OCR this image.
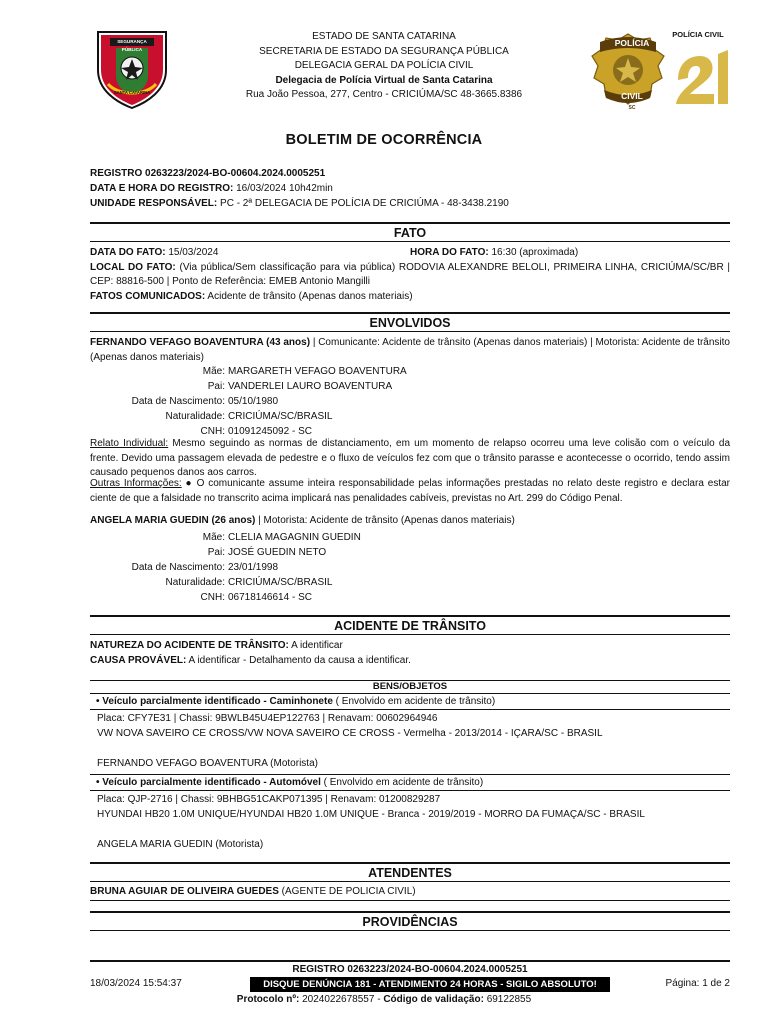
SEGURANÇA PÚBLICA
SANTA CATARINA
ESTADO DE SANTA CATARINA
SECRETARIA DE ESTADO DA SEGURANÇA PÚBLICA
DELEGACIA GERAL DA POLÍCIA CIVIL
Delegacia de Polícia Virtual de Santa Catarina
Rua João Pessoa, 277, Centro - CRICIÚMA/SC 48-3665.8386
POLÍCIA
CIVIL
SC
POLÍCIA CIVIL
BOLETIM DE OCORRÊNCIA
REGISTRO 0263223/2024-BO-00604.2024.0005251
DATA E HORA DO REGISTRO: 16/03/2024 10h42min
UNIDADE RESPONSÁVEL: PC - 2ª DELEGACIA DE POLÍCIA DE CRICIÚMA - 48-3438.2190
FATO
DATA DO FATO: 15/03/2024	HORA DO FATO: 16:30 (aproximada)
LOCAL DO FATO: (Via pública/Sem classificação para via pública) RODOVIA ALEXANDRE BELOLI, PRIMEIRA LINHA, CRICIÚMA/SC/BR | CEP: 88816-500 | Ponto de Referência: EMEB Antonio Mangilli
FATOS COMUNICADOS: Acidente de trânsito (Apenas danos materiais)
ENVOLVIDOS
FERNANDO VEFAGO BOAVENTURA (43 anos) | Comunicante: Acidente de trânsito (Apenas danos materiais) | Motorista: Acidente de trânsito (Apenas danos materiais)
Mãe: MARGARETH VEFAGO BOAVENTURA
Pai: VANDERLEI LAURO BOAVENTURA
Data de Nascimento: 05/10/1980
Naturalidade: CRICIÚMA/SC/BRASIL
CNH: 01091245092 - SC
Relato Individual: Mesmo seguindo as normas de distanciamento, em um momento de relapso ocorreu uma leve colisão com o veículo da frente. Devido uma passagem elevada de pedestre e o fluxo de veículos fez com que o trânsito parasse e acontecesse o ocorrido, tendo assim causado pequenos danos aos carros.
Outras Informações: ● O comunicante assume inteira responsabilidade pelas informações prestadas no relato deste registro e declara estar ciente de que a falsidade no transcrito acima implicará nas penalidades cabíveis, previstas no Art. 299 do Código Penal.
ANGELA MARIA GUEDIN (26 anos) | Motorista: Acidente de trânsito (Apenas danos materiais)
Mãe: CLELIA MAGAGNIN GUEDIN
Pai: JOSÉ GUEDIN NETO
Data de Nascimento: 23/01/1998
Naturalidade: CRICIÚMA/SC/BRASIL
CNH: 06718146614 - SC
ACIDENTE DE TRÂNSITO
NATUREZA DO ACIDENTE DE TRÂNSITO: A identificar
CAUSA PROVÁVEL: A identificar - Detalhamento da causa a identificar.
BENS/OBJETOS
• Veículo parcialmente identificado - Caminhonete ( Envolvido em acidente de trânsito)
Placa: CFY7E31 | Chassi: 9BWLB45U4EP122763 | Renavam: 00602964946
VW NOVA SAVEIRO CE CROSS/VW NOVA SAVEIRO CE CROSS - Vermelha - 2013/2014 - IÇARA/SC - BRASIL
FERNANDO VEFAGO BOAVENTURA (Motorista)
• Veículo parcialmente identificado - Automóvel ( Envolvido em acidente de trânsito)
Placa: QJP-2716 | Chassi: 9BHBG51CAKP071395 | Renavam: 01200829287
HYUNDAI HB20 1.0M UNIQUE/HYUNDAI HB20 1.0M UNIQUE - Branca - 2019/2019 - MORRO DA FUMAÇA/SC - BRASIL
ANGELA MARIA GUEDIN (Motorista)
ATENDENTES
BRUNA AGUIAR DE OLIVEIRA GUEDES (AGENTE DE POLICIA CIVIL)
PROVIDÊNCIAS
REGISTRO 0263223/2024-BO-00604.2024.0005251
18/03/2024 15:54:37	DISQUE DENÚNCIA 181 - ATENDIMENTO 24 HORAS - SIGILO ABSOLUTO!	Página: 1 de 2
Protocolo nº: 2024022678557 - Código de validação: 69122855
